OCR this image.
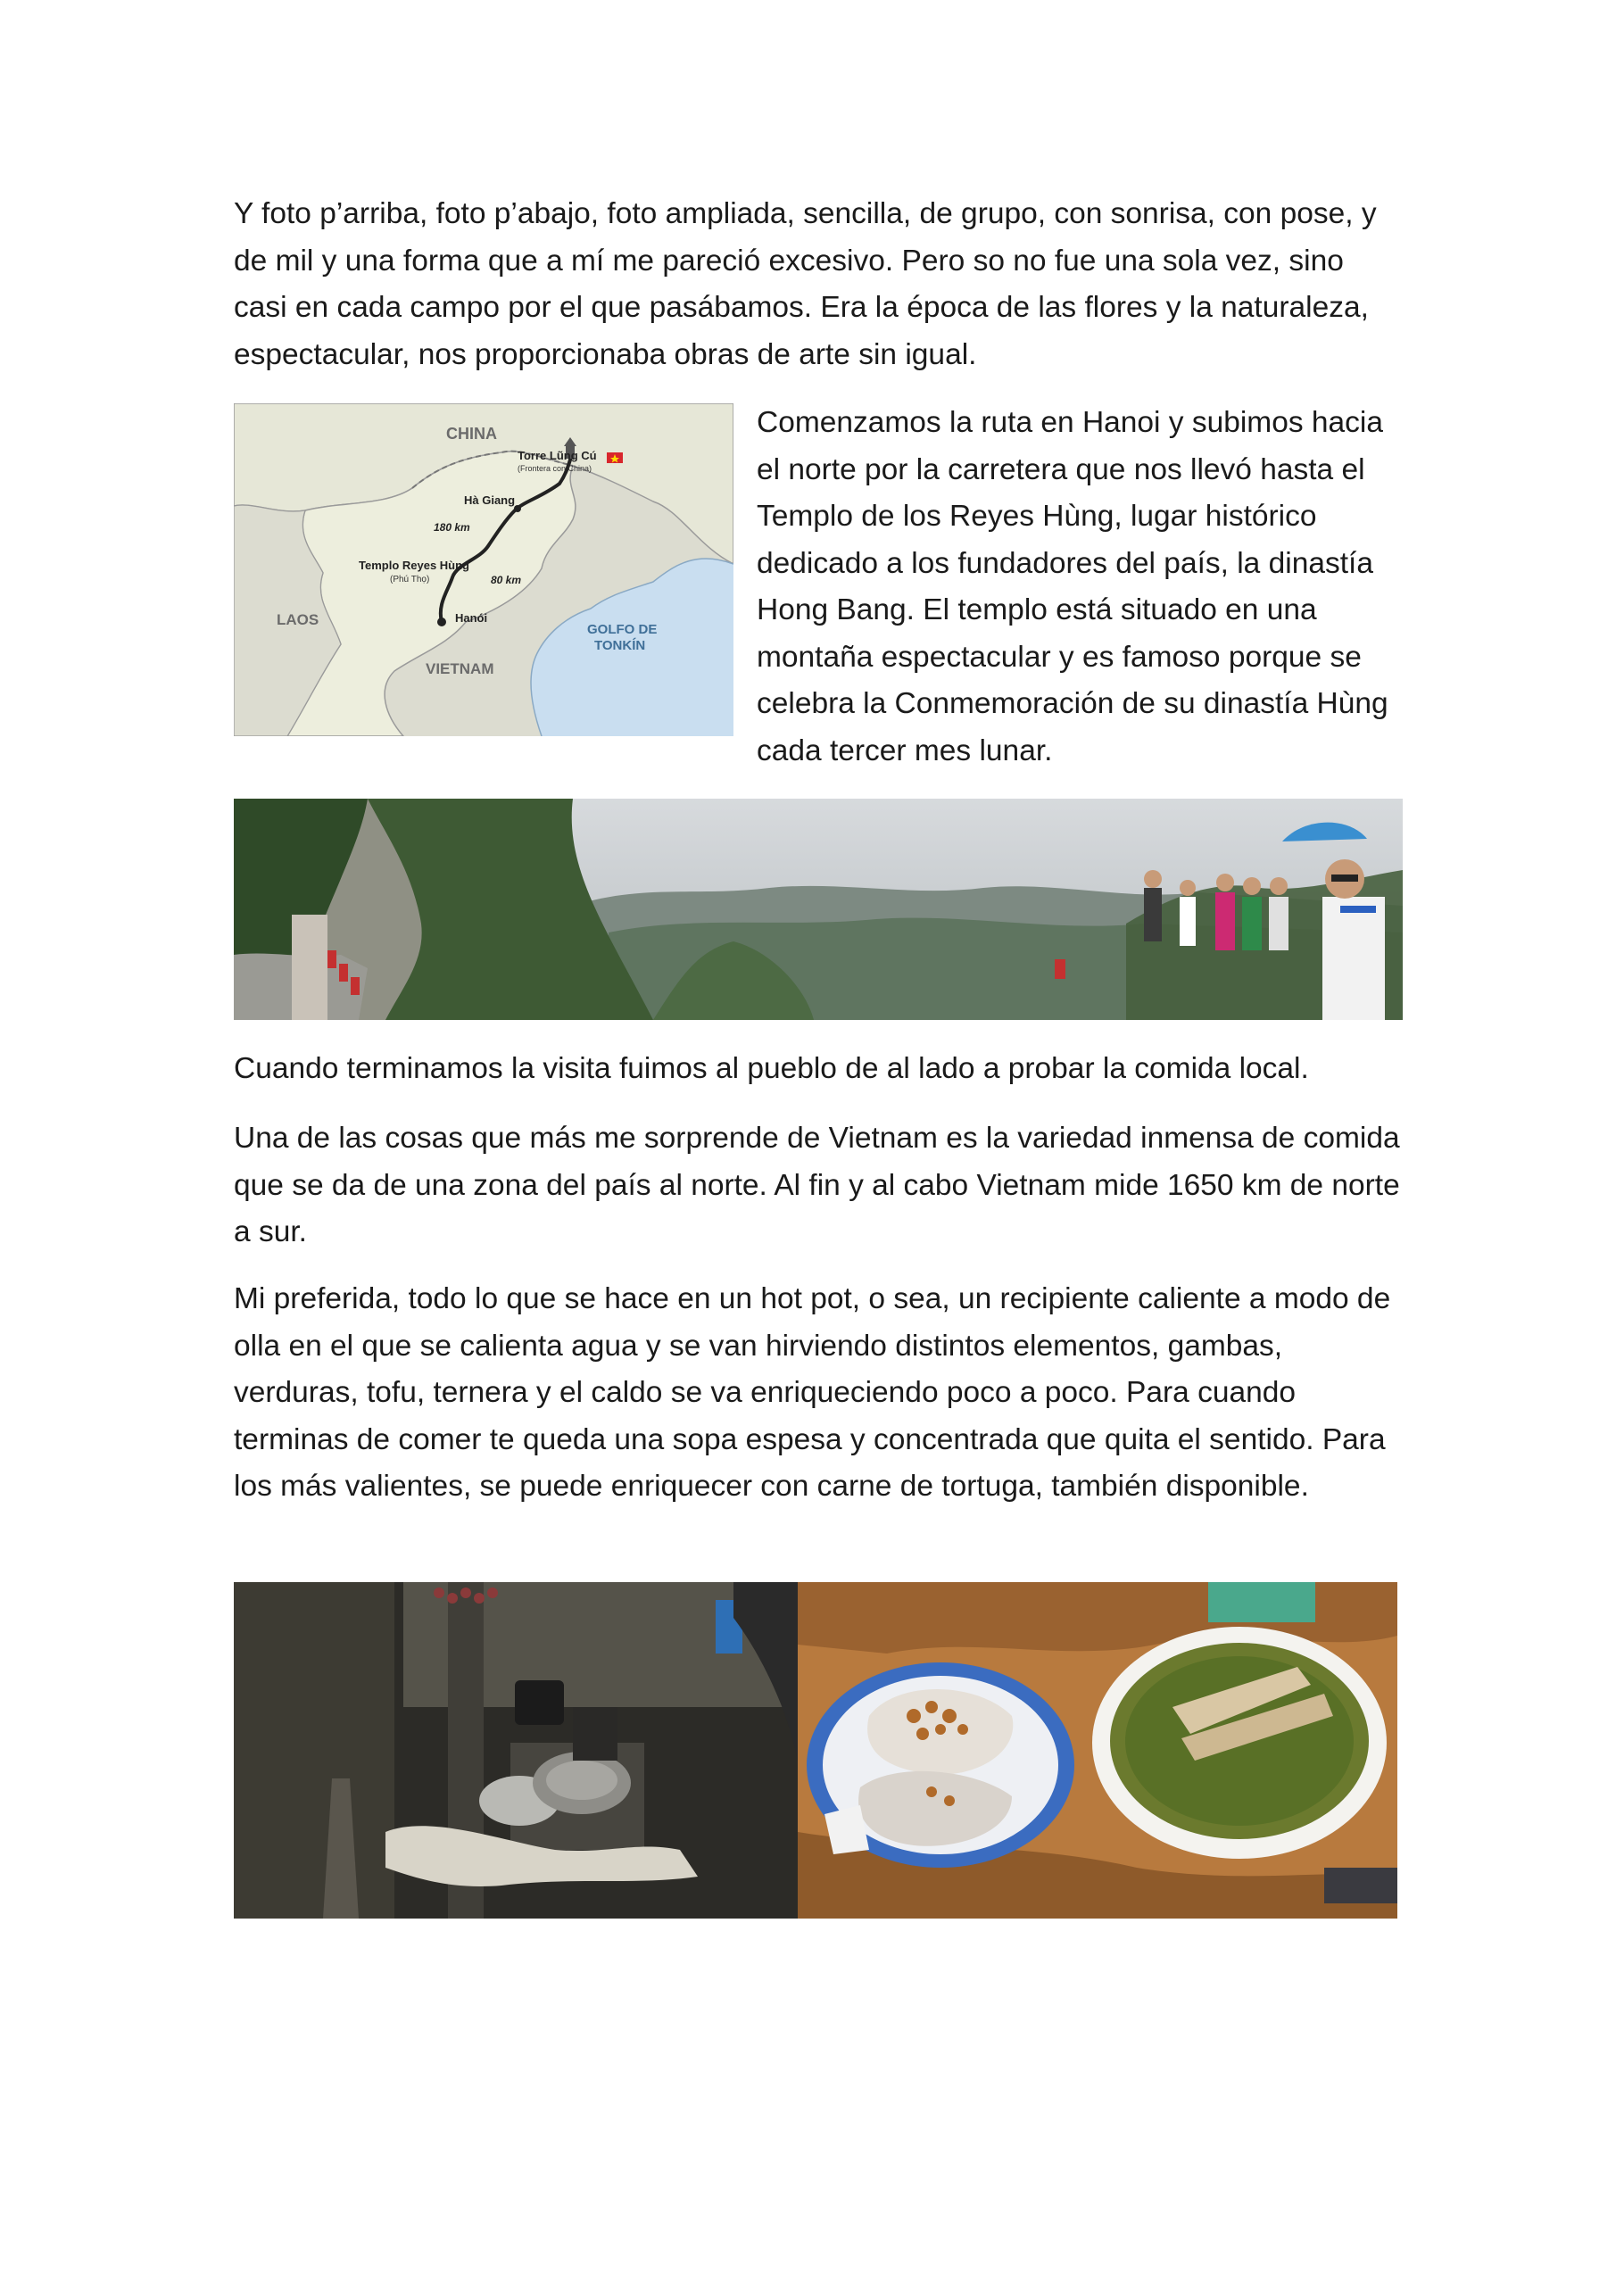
Y foto p’arriba, foto p’abajo, foto ampliada, sencilla, de grupo, con sonrisa, con pose, y de mil y una forma que a mí me pareció excesivo. Pero so no fue una sola vez, sino casi en cada campo por el que pasábamos. Era la época de las flores y la naturaleza, espectacular, nos proporcionaba obras de arte sin igual.

CHINA
Torre Lũng Cú
(Frontera con China)
Hà Giang
180 km
Templo Reyes Hùng
(Phú Thọ)	80 km
Hanói
LAOS
VIETNAM
GOLFO DE
TONKÍN

Comenzamos la ruta en Hanoi y subimos hacia el norte por la carretera que nos llevó hasta el Templo de los Reyes Hùng, lugar histórico dedicado a los fundadores del país, la dinastía Hong Bang. El templo está situado en una montaña espectacular y es famoso porque se celebra la Conmemoración de su dinastía Hùng cada tercer mes lunar.

Cuando terminamos la visita fuimos al pueblo de al lado a probar la comida local.

Una de las cosas que más me sorprende de Vietnam es la variedad inmensa de comida que se da de una zona del país al norte. Al fin y al cabo Vietnam mide 1650 km de norte a sur.

Mi preferida, todo lo que se hace en un hot pot, o sea, un recipiente caliente a modo de olla en el que se calienta agua y se van hirviendo distintos elementos, gambas, verduras, tofu, ternera y el caldo se va enriqueciendo poco a poco. Para cuando terminas de comer te queda una sopa espesa y concentrada que quita el sentido. Para los más valientes, se puede enriquecer con carne de tortuga, también disponible.
